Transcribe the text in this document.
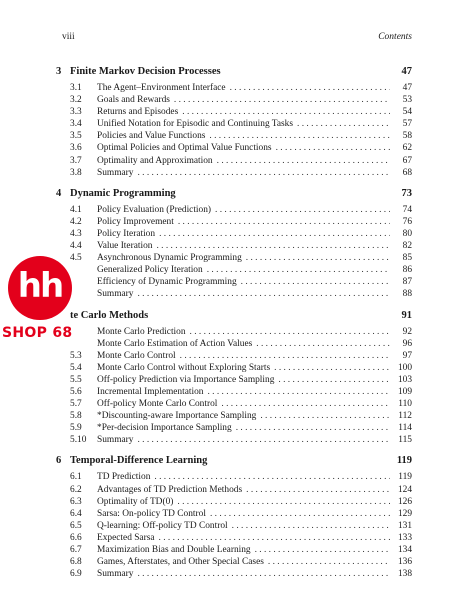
viii	Contents
3 Finite Markov Decision Processes	47
3.1	The Agent–Environment Interface . . .	47
3.2	Goals and Rewards . . .	53
3.3	Returns and Episodes . . .	54
3.4	Unified Notation for Episodic and Continuing Tasks . . .	57
3.5	Policies and Value Functions . . .	58
3.6	Optimal Policies and Optimal Value Functions . . .	62
3.7	Optimality and Approximation . . .	67
3.8	Summary . . .	68
4 Dynamic Programming	73
4.1	Policy Evaluation (Prediction) . . .	74
4.2	Policy Improvement . . .	76
4.3	Policy Iteration . . .	80
4.4	Value Iteration . . .	82
4.5	Asynchronous Dynamic Programming . . .	85
Generalized Policy Iteration . . .	86
Efficiency of Dynamic Programming . . .	87
Summary . . .	88
te Carlo Methods	91
Monte Carlo Prediction . . .	92
Monte Carlo Estimation of Action Values . . .	96
5.3	Monte Carlo Control . . .	97
5.4	Monte Carlo Control without Exploring Starts . . .	100
5.5	Off-policy Prediction via Importance Sampling . . .	103
5.6	Incremental Implementation . . .	109
5.7	Off-policy Monte Carlo Control . . .	110
5.8	*Discounting-aware Importance Sampling . . .	112
5.9	*Per-decision Importance Sampling . . .	114
5.10	Summary . . .	115
6 Temporal-Difference Learning	119
6.1	TD Prediction . . .	119
6.2	Advantages of TD Prediction Methods . . .	124
6.3	Optimality of TD(0) . . .	126
6.4	Sarsa: On-policy TD Control . . .	129
6.5	Q-learning: Off-policy TD Control . . .	131
6.6	Expected Sarsa . . .	133
6.7	Maximization Bias and Double Learning . . .	134
6.8	Games, Afterstates, and Other Special Cases . . .	136
6.9	Summary . . .	138
hh
SHOP 68
